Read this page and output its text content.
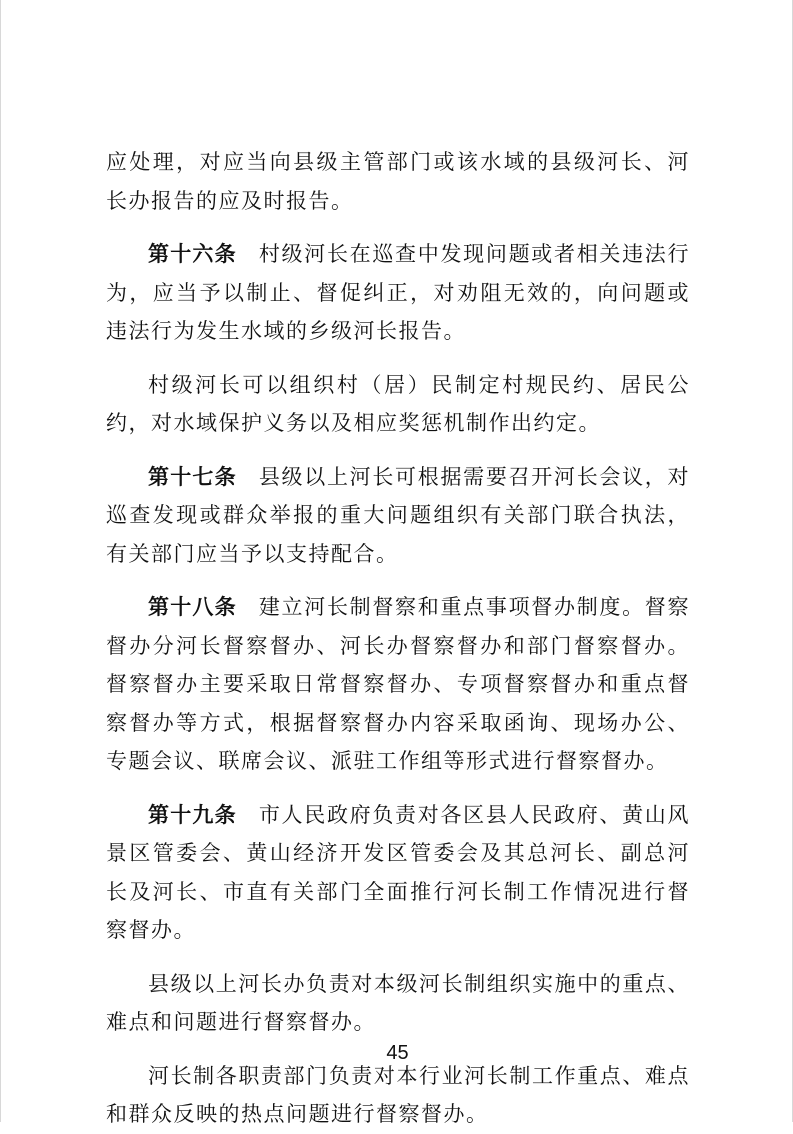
应处理，对应当向县级主管部门或该水域的县级河长、河长办报告的应及时报告。

第十六条 村级河长在巡查中发现问题或者相关违法行为，应当予以制止、督促纠正，对劝阻无效的，向问题或违法行为发生水域的乡级河长报告。

村级河长可以组织村（居）民制定村规民约、居民公约，对水域保护义务以及相应奖惩机制作出约定。

第十七条 县级以上河长可根据需要召开河长会议，对巡查发现或群众举报的重大问题组织有关部门联合执法，有关部门应当予以支持配合。

第十八条 建立河长制督察和重点事项督办制度。督察督办分河长督察督办、河长办督察督办和部门督察督办。督察督办主要采取日常督察督办、专项督察督办和重点督察督办等方式，根据督察督办内容采取函询、现场办公、专题会议、联席会议、派驻工作组等形式进行督察督办。

第十九条 市人民政府负责对各区县人民政府、黄山风景区管委会、黄山经济开发区管委会及其总河长、副总河长及河长、市直有关部门全面推行河长制工作情况进行督察督办。

县级以上河长办负责对本级河长制组织实施中的重点、难点和问题进行督察督办。

河长制各职责部门负责对本行业河长制工作重点、难点和群众反映的热点问题进行督察督办。

45
